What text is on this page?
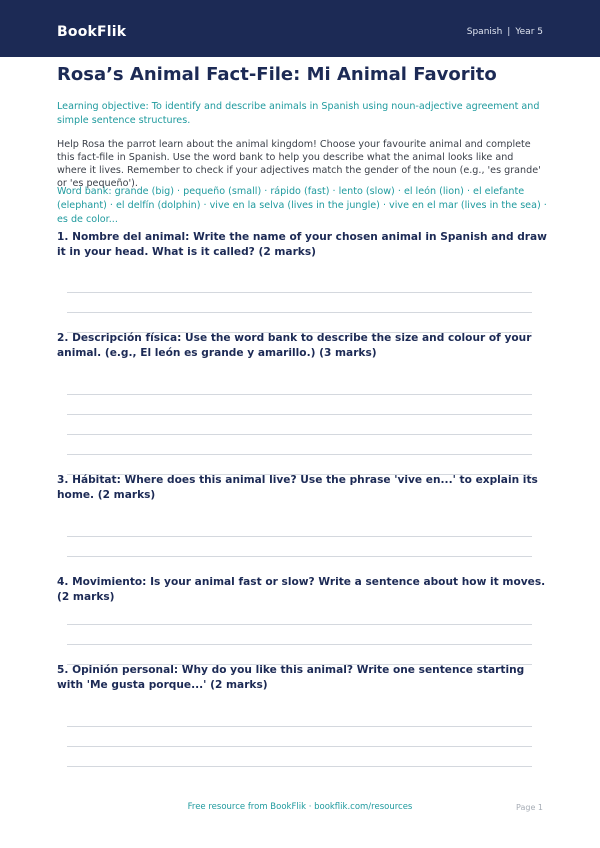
BookFlik	Spanish | Year 5
Rosa’s Animal Fact-File: Mi Animal Favorito

Learning objective: To identify and describe animals in Spanish using noun-adjective agreement and simple sentence structures.

Help Rosa the parrot learn about the animal kingdom! Choose your favourite animal and complete this fact-file in Spanish. Use the word bank to help you describe what the animal looks like and where it lives. Remember to check if your adjectives match the gender of the noun (e.g., 'es grande' or 'es pequeño').

Word bank: grande (big) · pequeño (small) · rápido (fast) · lento (slow) · el león (lion) · el elefante (elephant) · el delfín (dolphin) · vive en la selva (lives in the jungle) · vive en el mar (lives in the sea) · es de color...

1. Nombre del animal: Write the name of your chosen animal in Spanish and draw it in your head. What is it called? (2 marks)

2. Descripción física: Use the word bank to describe the size and colour of your animal. (e.g., El león es grande y amarillo.) (3 marks)

3. Hábitat: Where does this animal live? Use the phrase 'vive en...' to explain its home. (2 marks)

4. Movimiento: Is your animal fast or slow? Write a sentence about how it moves. (2 marks)

5. Opinión personal: Why do you like this animal? Write one sentence starting with 'Me gusta porque...' (2 marks)

Free resource from BookFlik · bookflik.com/resources	Page 1
